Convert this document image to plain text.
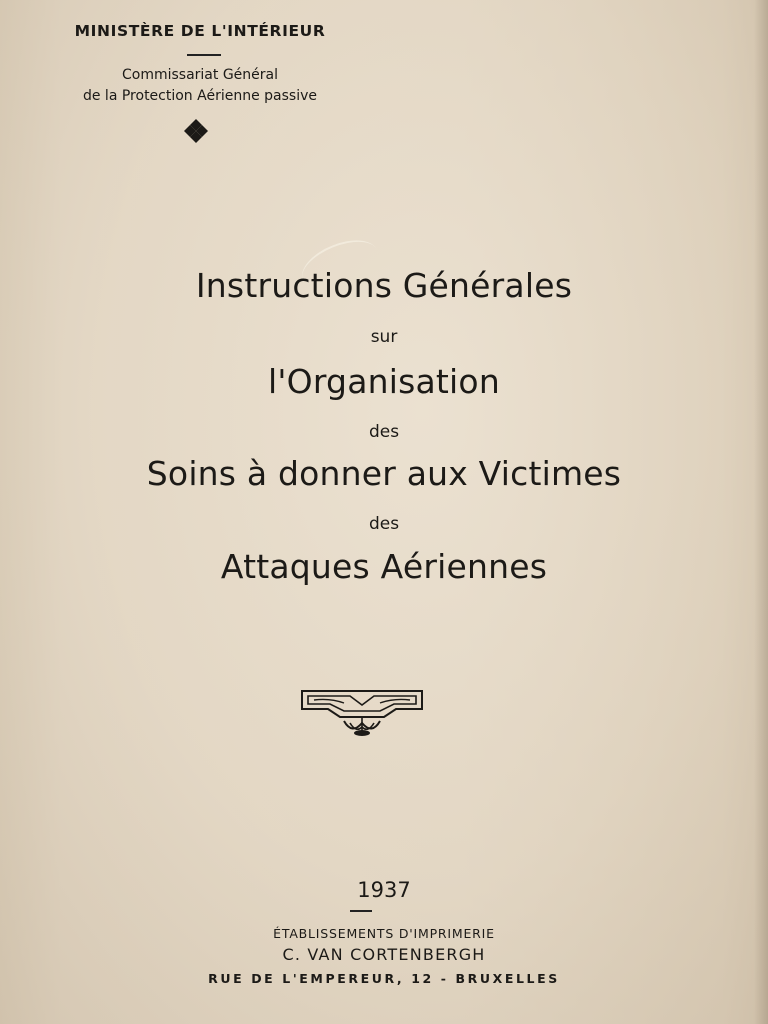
MINISTÈRE DE L'INTÉRIEUR
Commissariat Général
de la Protection Aérienne passive
Instructions Générales
sur
l'Organisation
des
Soins à donner aux Victimes
des
Attaques Aériennes
1937
ÉTABLISSEMENTS D'IMPRIMERIE
C. VAN CORTENBERGH
RUE DE L'EMPEREUR, 12 - BRUXELLES
